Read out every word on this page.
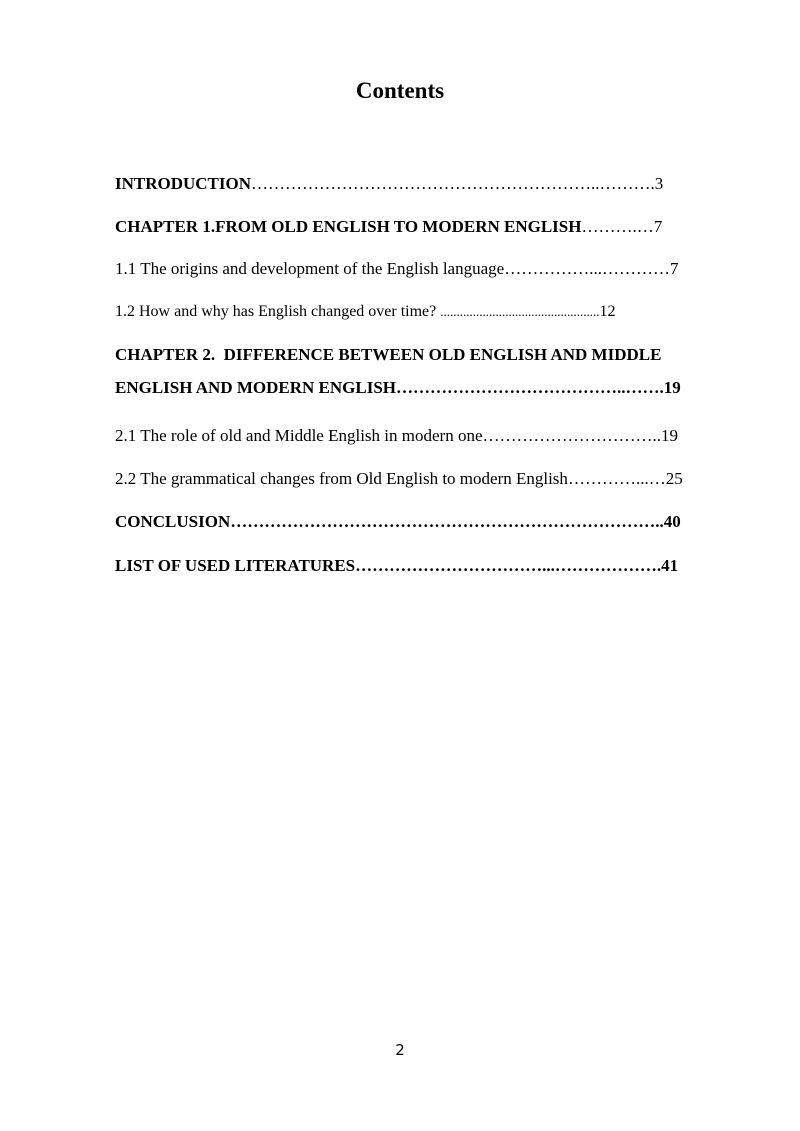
Contents
INTRODUCTION……………………………………………………..……….3
CHAPTER 1.FROM OLD ENGLISH TO MODERN ENGLISH……….…7
1.1 The origins and development of the English language……………...…………7
1.2 How and why has English changed over time? .................................................12
CHAPTER 2.  DIFFERENCE BETWEEN OLD ENGLISH AND MIDDLE
ENGLISH AND MODERN ENGLISH…………………………………..…….19
2.1 The role of old and Middle English in modern one…………………………..19
2.2 The grammatical changes from Old English to modern English…………...…25
CONCLUSION…………………………………………………………………..40
LIST OF USED LITERATURES……………………………...……………….41
2
